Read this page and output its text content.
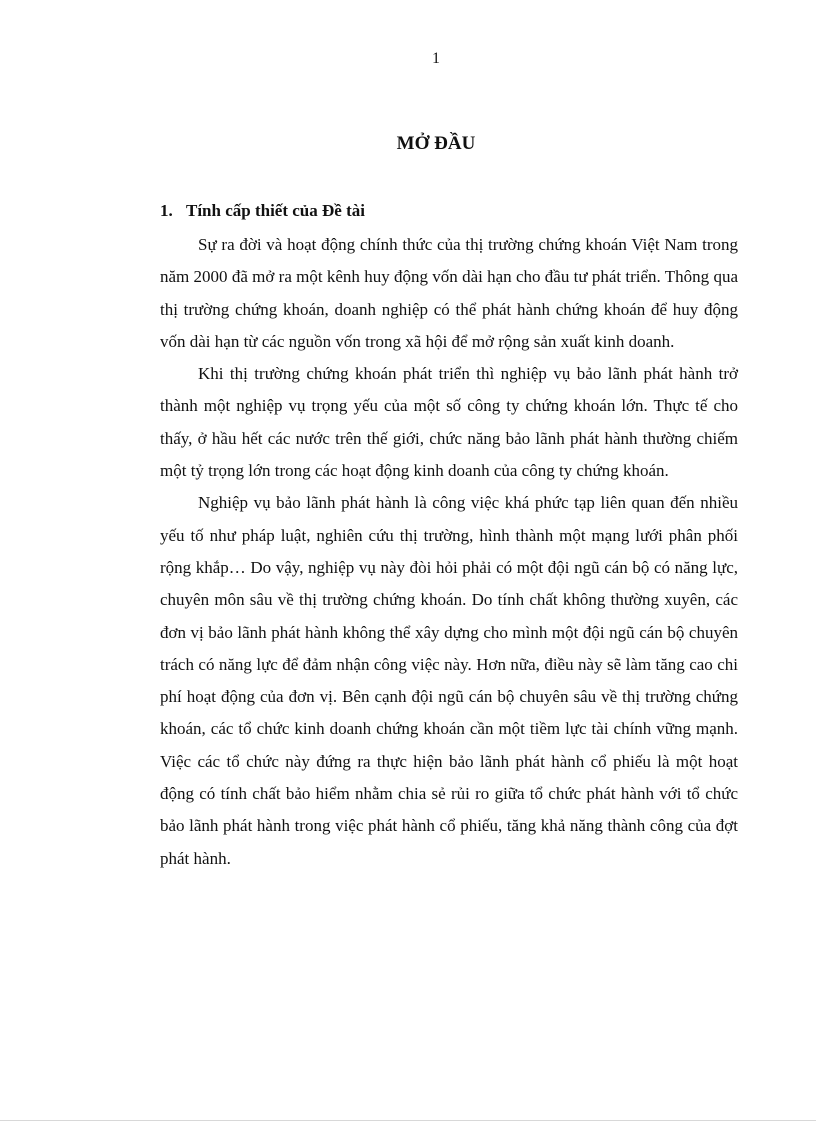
1
MỞ ĐẦU
1. Tính cấp thiết của Đề tài

Sự ra đời và hoạt động chính thức của thị trường chứng khoán Việt Nam trong năm 2000 đã mở ra một kênh huy động vốn dài hạn cho đầu tư phát triển. Thông qua thị trường chứng khoán, doanh nghiệp có thể phát hành chứng khoán để huy động vốn dài hạn từ các nguồn vốn trong xã hội để mở rộng sản xuất kinh doanh.

Khi thị trường chứng khoán phát triển thì nghiệp vụ bảo lãnh phát hành trở thành một nghiệp vụ trọng yếu của một số công ty chứng khoán lớn. Thực tế cho thấy, ở hầu hết các nước trên thế giới, chức năng bảo lãnh phát hành thường chiếm một tỷ trọng lớn trong các hoạt động kinh doanh của công ty chứng khoán.

Nghiệp vụ bảo lãnh phát hành là công việc khá phức tạp liên quan đến nhiều yếu tố như pháp luật, nghiên cứu thị trường, hình thành một mạng lưới phân phối rộng khắp… Do vậy, nghiệp vụ này đòi hỏi phải có một đội ngũ cán bộ có năng lực, chuyên môn sâu về thị trường chứng khoán. Do tính chất không thường xuyên, các đơn vị bảo lãnh phát hành không thể xây dựng cho mình một đội ngũ cán bộ chuyên trách có năng lực để đảm nhận công việc này. Hơn nữa, điều này sẽ làm tăng cao chi phí hoạt động của đơn vị. Bên cạnh đội ngũ cán bộ chuyên sâu về thị trường chứng khoán, các tổ chức kinh doanh chứng khoán cần một tiềm lực tài chính vững mạnh. Việc các tổ chức này đứng ra thực hiện bảo lãnh phát hành cổ phiếu là một hoạt động có tính chất bảo hiểm nhằm chia sẻ rủi ro giữa tổ chức phát hành với tổ chức bảo lãnh phát hành trong việc phát hành cổ phiếu, tăng khả năng thành công của đợt phát hành.
